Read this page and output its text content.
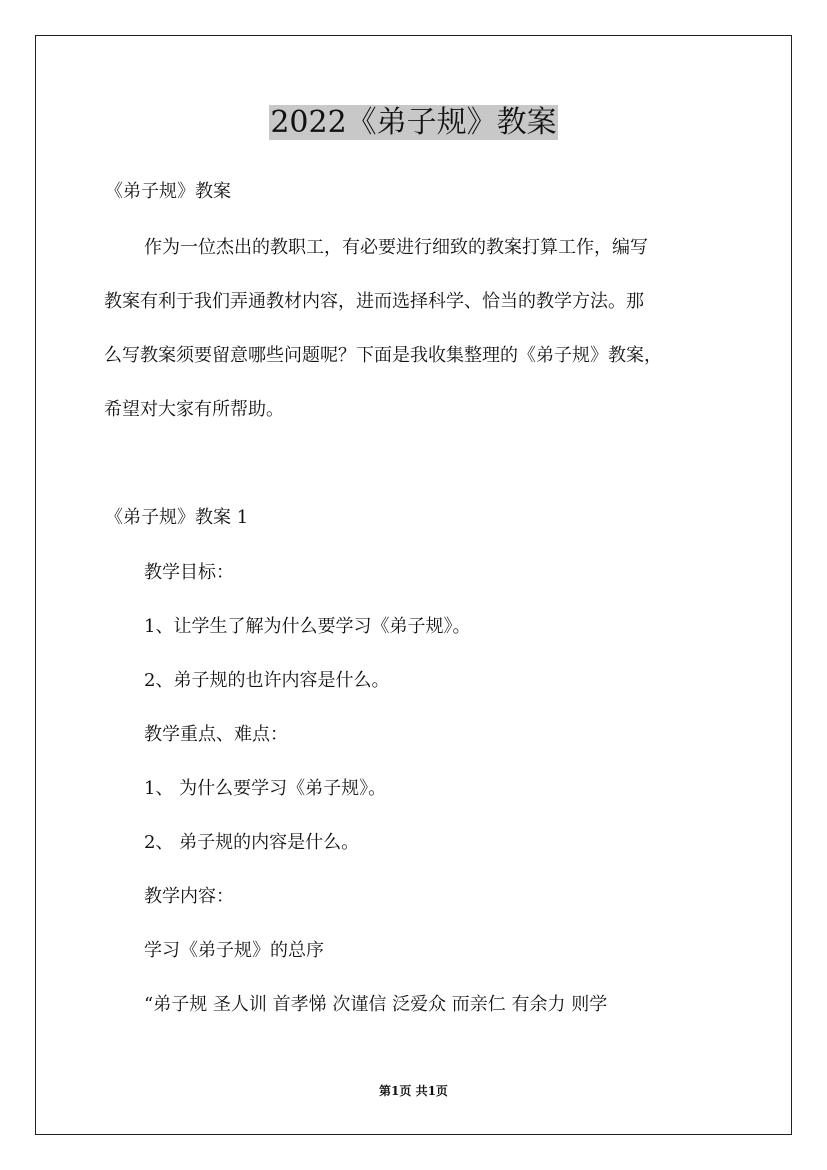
2022《弟子规》教案
《弟子规》教案
作为一位杰出的教职工，有必要进行细致的教案打算工作，编写
教案有利于我们弄通教材内容，进而选择科学、恰当的教学方法。那
么写教案须要留意哪些问题呢？下面是我收集整理的《弟子规》教案，
希望对大家有所帮助。
《弟子规》教案 1
教学目标：
1、让学生了解为什么要学习《弟子规》。
2、弟子规的也许内容是什么。
教学重点、难点：
1、 为什么要学习《弟子规》。
2、 弟子规的内容是什么。
教学内容：
学习《弟子规》的总序
“弟子规 圣人训 首孝悌 次谨信 泛爱众 而亲仁 有余力 则学
第1页 共1页
